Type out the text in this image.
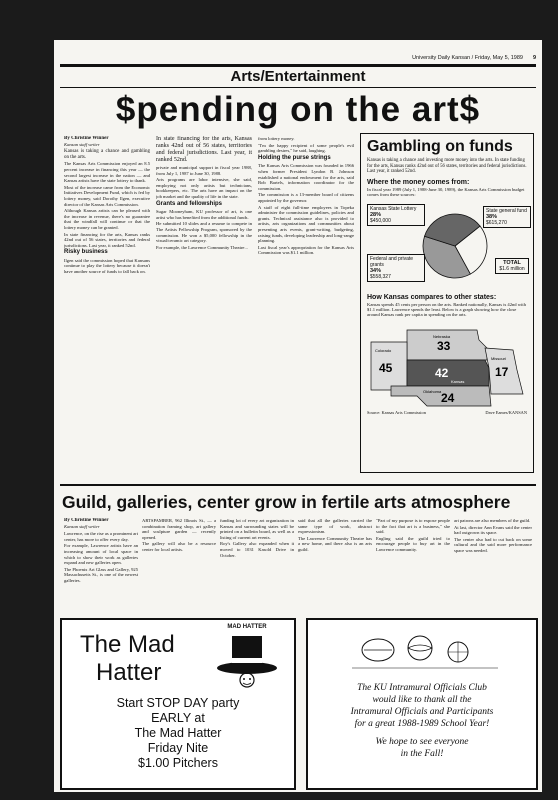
University Daily Kansan / Friday, May 5, 1989 9
Arts/Entertainment
$pending on the art$
By Christine Winner
Kansan staff writer
Kansas is taking a chance and gambling on the arts.
The Kansas Arts Commission enjoyed an 8.5 percent increase in financing this year — the second largest increase in the nation — and Kansas artists have the state lottery to thank.
Most of the increase came from the Economic Initiatives Development Fund, which is fed by lottery money, said Dorothy Ilgen, executive director of the Kansas Arts Commission.
Although Kansas artists can be pleased with the increase in revenue, there's no guarantee that the windfall will continue or that the lottery money can be granted.
In state financing for the arts, Kansas ranks 42nd out of 56 states, territories and federal jurisdictions. Last year, it ranked 52nd.
Risky business
Ilgen said the commission hoped that Kansans continue to play the lottery because it doesn't have another source of funds to fall back on.
In state financing for the arts, Kansas ranks 42nd out of 56 states, territories and federal jurisdictions. Last year, it ranked 52nd.
private and municipal support in fiscal year 1988, from July 1, 1987 to June 30, 1988.
Arts programs are labor intensive, she said, employing not only artists but technicians, bookkeepers, etc. The arts have an impact on the job market and the quality of life in the state.
Grants and fellowships
Sugar Mooneyham, KU professor of art, is one artist who has benefited from the additional funds.
He submitted 10 slides and a resume to compete in The Artists Fellowship Program, sponsored by the commission. He won a $5,000 fellowship in the visual/ceramic art category.
For example, the Lawrence Community Theatre...
from lottery money.
"I'm the happy recipient of some people's evil gambling desires," he said, laughing.
Holding the purse strings
The Kansas Arts Commission was founded in 1966 when former President Lyndon B. Johnson established a national endowment for the arts, said Bob Bartels, information coordinator for the commission.
The commission is a 13-member board of citizens appointed by the governor.
A staff of eight full-time employees in Topeka administer the commission guidelines, policies and grants. Technical assistance also is provided to artists, arts organizations and communities about presenting arts events, grant-writing, budgeting, raising funds, developing leadership and long-range planning.
Last fiscal year's appropriation for the Kansas Arts Commission was $1.1 million.
Gambling on funds
Kansas is taking a chance and investing more money into the arts. In state funding for the arts, Kansas ranks 42nd out of 56 states, territories and federal jurisdictions. Last year, it ranked 52nd.
Where the money comes from:
In fiscal year 1989 (July 1, 1988-June 30, 1989), the Kansas Arts Commission budget comes from these sources:
Kansas State Lottery
28%
$450,000
State general fund
38%
$615,270
Federal and private grants
34%
$558,327
TOTAL
$1.6 million
How Kansas compares to other states:
Kansas spends 45 cents per person on the arts. Ranked nationally, Kansas is 42nd with $1.1 million. Lawrence spends the least. Below is a graph showing how the close around Kansas rank per capita in spending on the arts.
45
Colorado	33
Nebraska
42
Kansas
17
Missouri
24
Oklahoma
Source: Kansas Arts Commission	Dave Eames/KANSAN
Guild, galleries, center grow in fertile arts atmosphere
By Christine Winner
Kansan staff writer
Lawrence, on the rise as a prominent art center, has more to offer every day.
For example, Lawrence artists have an increasing amount of local space in which to show their work as galleries expand and new galleries open.
The Phoenix Art Glass and Gallery, 925 Massachusetts St., is one of the newest galleries.
ARTSPAMBER, 962 Illinois St., — a combination framing shop, art gallery and sculpture garden — recently opened.
The gallery will also be a resource center for local artists.
funding lot of every art organization in Kansas and surrounding states will be printed on a bulletin board, as well as a listing of current art events.
Roy's Gallery also expanded when it moved to 1031 Kasold Drive in October.
said that all the galleries carried the same type of work, abstract expressionism.
The Lawrence Community Theatre has a new home, and there also is an arts guild.
"Part of my purpose is to expose people to the fact that art is a business," she said.
Engling said the guild tried to encourage people to buy art in the Lawrence community.
art patrons are also members of the guild.
At last, director Ann Evans said the center had outgrown its space.
The center also had to cut back on some cultural and the said more performance space was needed.
The Mad
Hatter
MAD HATTER
Start STOP DAY party
EARLY at
The Mad Hatter
Friday Nite
$1.00 Pitchers
The KU Intramural Officials Club
would like to thank all the
Intramural Officials and Participants
for a great 1988-1989 School Year!
We hope to see everyone
in the Fall!
